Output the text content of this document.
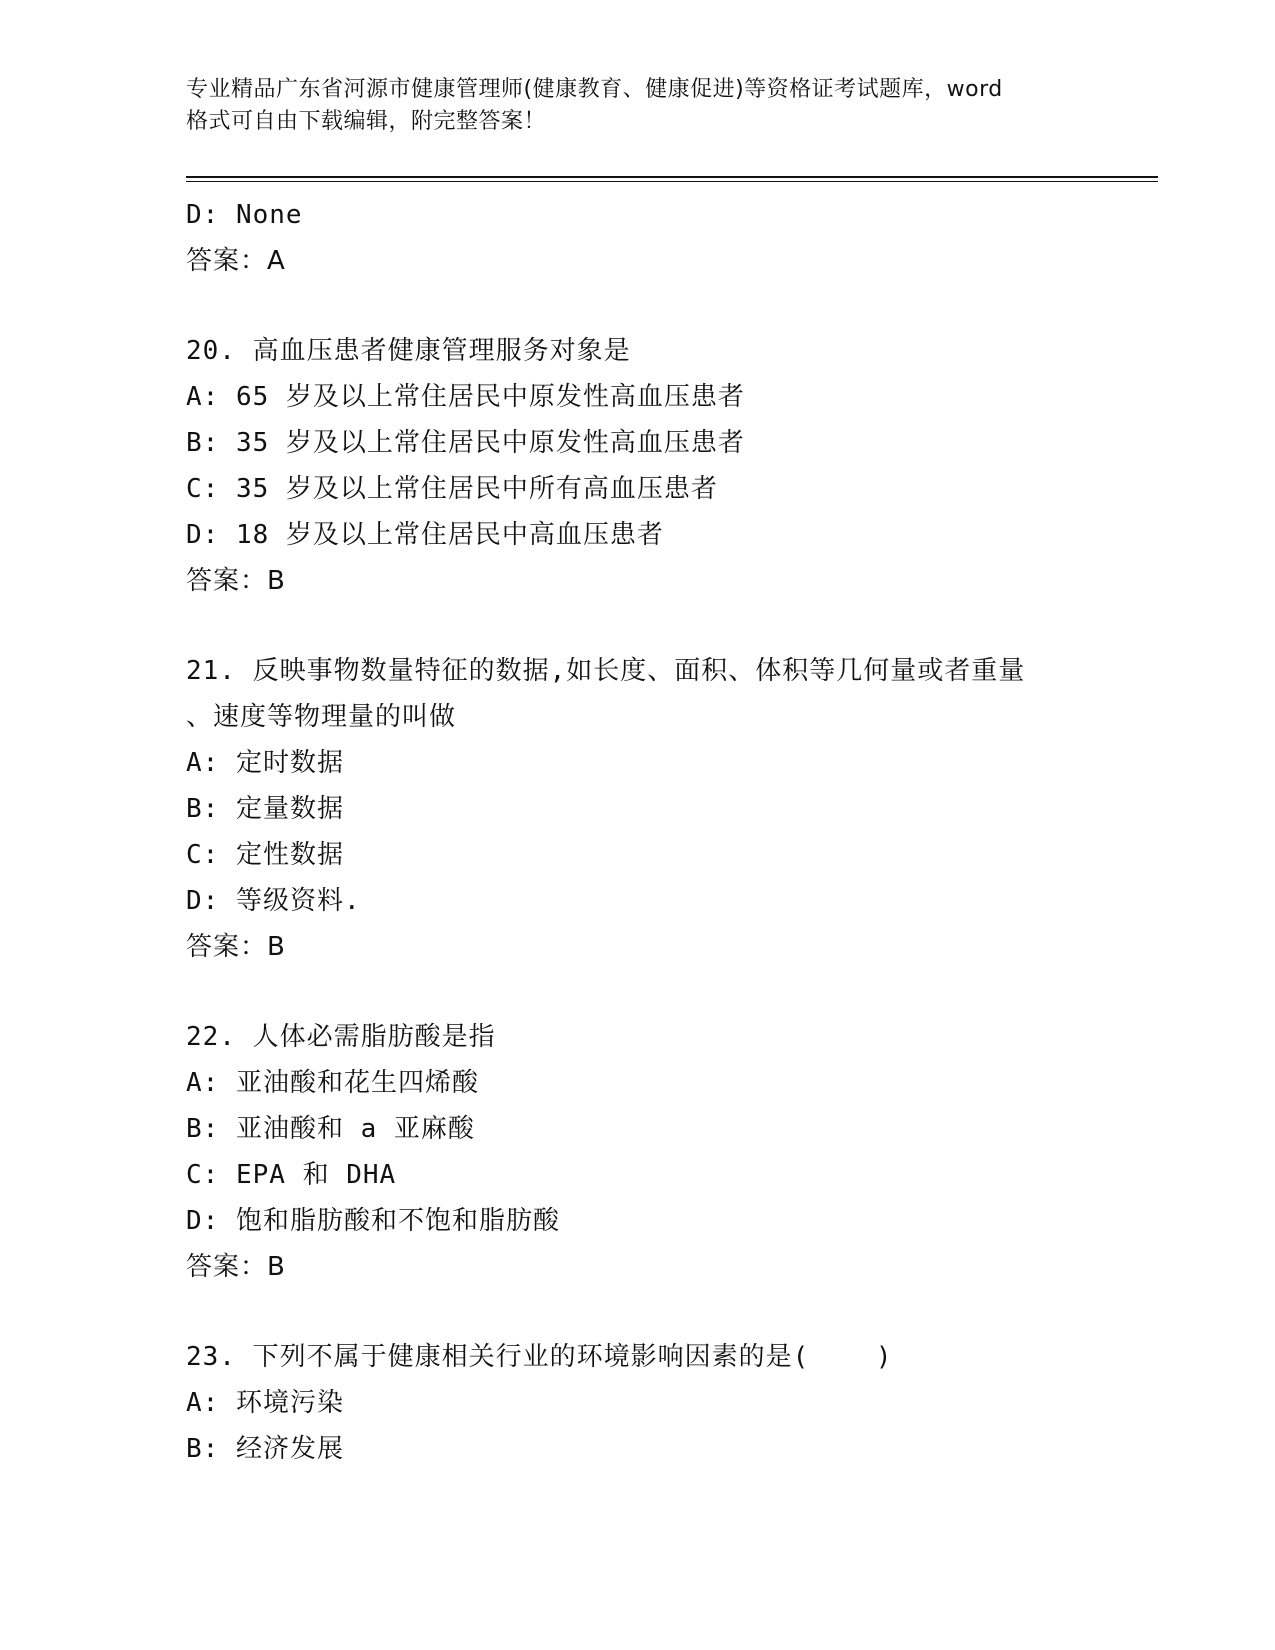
专业精品广东省河源市健康管理师(健康教育、健康促进)等资格证考试题库，word
格式可自由下载编辑，附完整答案！
D: None
答案：A
20. 高血压患者健康管理服务对象是
A: 65 岁及以上常住居民中原发性高血压患者
B: 35 岁及以上常住居民中原发性高血压患者
C: 35 岁及以上常住居民中所有高血压患者
D: 18 岁及以上常住居民中高血压患者
答案：B
21. 反映事物数量特征的数据,如长度、面积、体积等几何量或者重量
、速度等物理量的叫做
A: 定时数据
B: 定量数据
C: 定性数据
D: 等级资料.
答案：B
22. 人体必需脂肪酸是指
A: 亚油酸和花生四烯酸
B: 亚油酸和 a 亚麻酸
C: EPA 和 DHA
D: 饱和脂肪酸和不饱和脂肪酸
答案：B
23. 下列不属于健康相关行业的环境影响因素的是(    )
A: 环境污染
B: 经济发展
